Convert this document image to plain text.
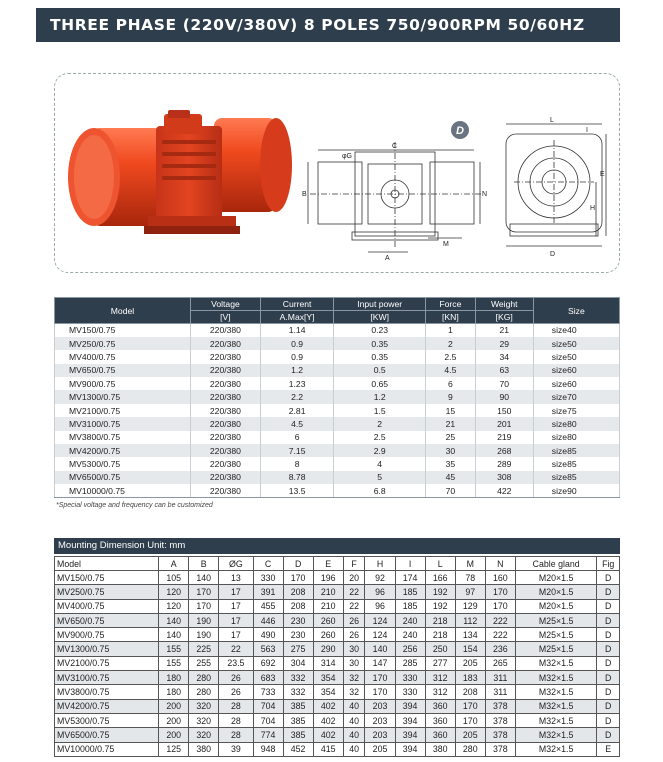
THREE PHASE (220V/380V) 8 POLES 750/900RPM 50/60HZ
D
C
φG
A
M
B	N
L
I
E
H
D
Model	Voltage	Current	Input power	Force	Weight	Size
	[V]	A.Max[Y]	[KW]	[KN]	[KG]	
MV150/0.75	220/380	1.14	0.23	1	21	size40
MV250/0.75	220/380	0.9	0.35	2	29	size50
MV400/0.75	220/380	0.9	0.35	2.5	34	size50
MV650/0.75	220/380	1.2	0.5	4.5	63	size60
MV900/0.75	220/380	1.23	0.65	6	70	size60
MV1300/0.75	220/380	2.2	1.2	9	90	size70
MV2100/0.75	220/380	2.81	1.5	15	150	size75
MV3100/0.75	220/380	4.5	2	21	201	size80
MV3800/0.75	220/380	6	2.5	25	219	size80
MV4200/0.75	220/380	7.15	2.9	30	268	size85
MV5300/0.75	220/380	8	4	35	289	size85
MV6500/0.75	220/380	8.78	5	45	308	size85
MV10000/0.75	220/380	13.5	6.8	70	422	size90
*Special voltage and frequency can be customized
Mounting Dimension Unit: mm
Model	A	B	ØG	C	D	E	F	H	I	L	M	N	Cable gland	Fig
MV150/0.75	105	140	13	330	170	196	20	92	174	166	78	160	M20×1.5	D
MV250/0.75	120	170	17	391	208	210	22	96	185	192	97	170	M20×1.5	D
MV400/0.75	120	170	17	455	208	210	22	96	185	192	129	170	M20×1.5	D
MV650/0.75	140	190	17	446	230	260	26	124	240	218	112	222	M25×1.5	D
MV900/0.75	140	190	17	490	230	260	26	124	240	218	134	222	M25×1.5	D
MV1300/0.75	155	225	22	563	275	290	30	140	256	250	154	236	M25×1.5	D
MV2100/0.75	155	255	23.5	692	304	314	30	147	285	277	205	265	M32×1.5	D
MV3100/0.75	180	280	26	683	332	354	32	170	330	312	183	311	M32×1.5	D
MV3800/0.75	180	280	26	733	332	354	32	170	330	312	208	311	M32×1.5	D
MV4200/0.75	200	320	28	704	385	402	40	203	394	360	170	378	M32×1.5	D
MV5300/0.75	200	320	28	704	385	402	40	203	394	360	170	378	M32×1.5	D
MV6500/0.75	200	320	28	774	385	402	40	203	394	360	205	378	M32×1.5	D
MV10000/0.75	125	380	39	948	452	415	40	205	394	380	280	378	M32×1.5	E
